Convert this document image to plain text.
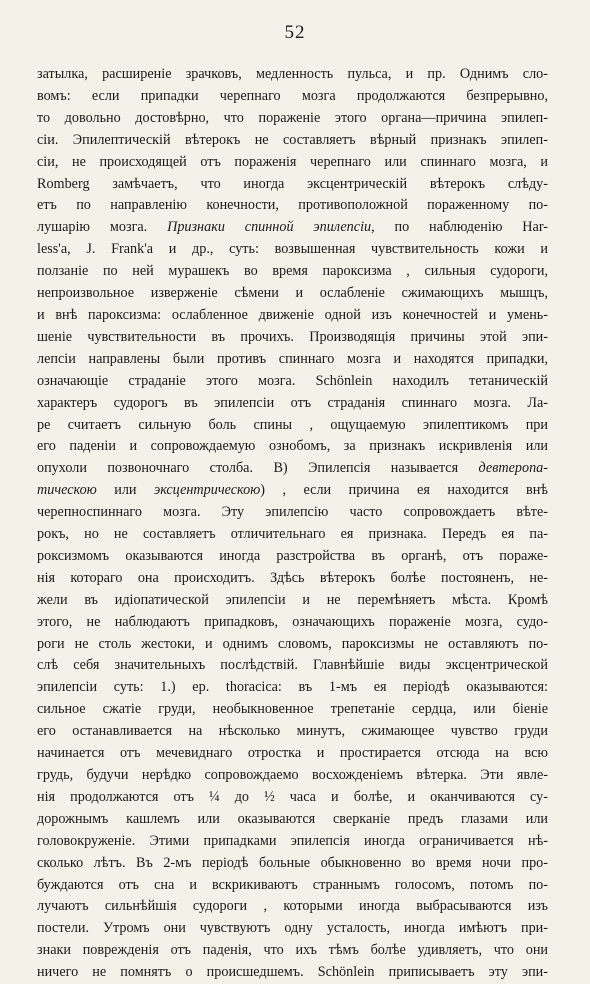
52
затылка, расширенiе зрачковъ, медленность пульса, и пр. Однимъ сло-
вомъ: если припадки черепнаго мозга продолжаются безпрерывно,
то довольно достовѣрно, что пораженiе этого органа—причина эпилеп-
сiи. Эпилептическiй вѣтерокъ не составляетъ вѣрный признакъ эпилеп-
сiи, не происходящей отъ пораженiя черепнаго или спиннаго мозга, и
Romberg замѣчаетъ, что иногда эксцентрическiй вѣтерокъ слѣду-
етъ по направленiю конечности, противоположной пораженному по-
лушарiю мозга. Признаки спинной эпилепсiи, по наблюденiю Har-
less'а, J. Frank'а и др., суть: возвышенная чувствительность кожи и
ползанiе по ней мурашекъ во время пароксизма , сильныя судороги,
непроизвольное изверженiе сѣмени и ослабленiе сжимающихъ мышцъ,
и внѣ пароксизма: ослабленное движенiе одной изъ конечностей и умень-
шенiе чувствительности въ прочихъ. Производящiя причины этой эпи-
лепсiи направлены были противъ спиннаго мозга и находятся припадки,
означающiе страданiе этого мозга. Schönlein находилъ тетаническiй
характеръ судорогъ въ эпилепсiи отъ страданiя спиннаго мозга. Ла-
ре считаетъ сильную боль спины , ощущаемую эпилептикомъ при
его паденiи и сопровождаемую ознобомъ, за признакъ искривленiя или
опухоли позвоночнаго столба. B) Эпилепсiя называется девтеропа-
тическою или эксцентрическою) , если причина ея находится внѣ
черепноспиннаго мозга. Эту эпилепсiю часто сопровождаетъ вѣте-
рокъ, но не составляетъ отличительнаго ея признака. Передъ ея па-
роксизмомъ оказываются иногда разстройства въ органѣ, отъ пораже-
нiя котораго она происходитъ. Здѣсь вѣтерокъ болѣе постояненъ, не-
жели въ идiопатической эпилепсiи и не перемѣняетъ мѣста. Кромѣ
этого, не наблюдаютъ припадковъ, означающихъ пораженiе мозга, судо-
роги не столь жестоки, и однимъ словомъ, пароксизмы не оставляютъ по-
слѣ себя значительныхъ послѣдствiй. Главнѣйшiе виды эксцентрической
эпилепсiи суть: 1.) ep. thoracica: въ 1-мъ ея перiодѣ оказываются:
сильное сжатiе груди, необыкновенное трепетанiе сердца, или бiенiе
его останавливается на нѣсколько минутъ, сжимающее чувство груди
начинается отъ мечевиднаго отростка и простирается отсюда на всю
грудь, будучи нерѣдко сопровождаемо восхожденiемъ вѣтерка. Эти явле-
нiя продолжаются отъ ¼ до ½ часа и болѣе, и оканчиваются су-
дорожнымъ кашлемъ или оказываются сверканiе предъ глазами или
головокруженiе. Этими припадками эпилепсiя иногда ограничивается нѣ-
сколько лѣтъ. Въ 2-мъ перiодѣ больные обыкновенно во время ночи про-
буждаются отъ сна и вскрикиваютъ страннымъ голосомъ, потомъ по-
лучаютъ сильнѣйшiя судороги , которыми иногда выбрасываются изъ
постели. Утромъ они чувствуютъ одну усталость, иногда имѣютъ при-
знаки поврежденiя отъ паденiя, что ихъ тѣмъ болѣе удивляетъ, что они
ничего не помнятъ о происшедшемъ. Schönlein приписываетъ эту эпи-
